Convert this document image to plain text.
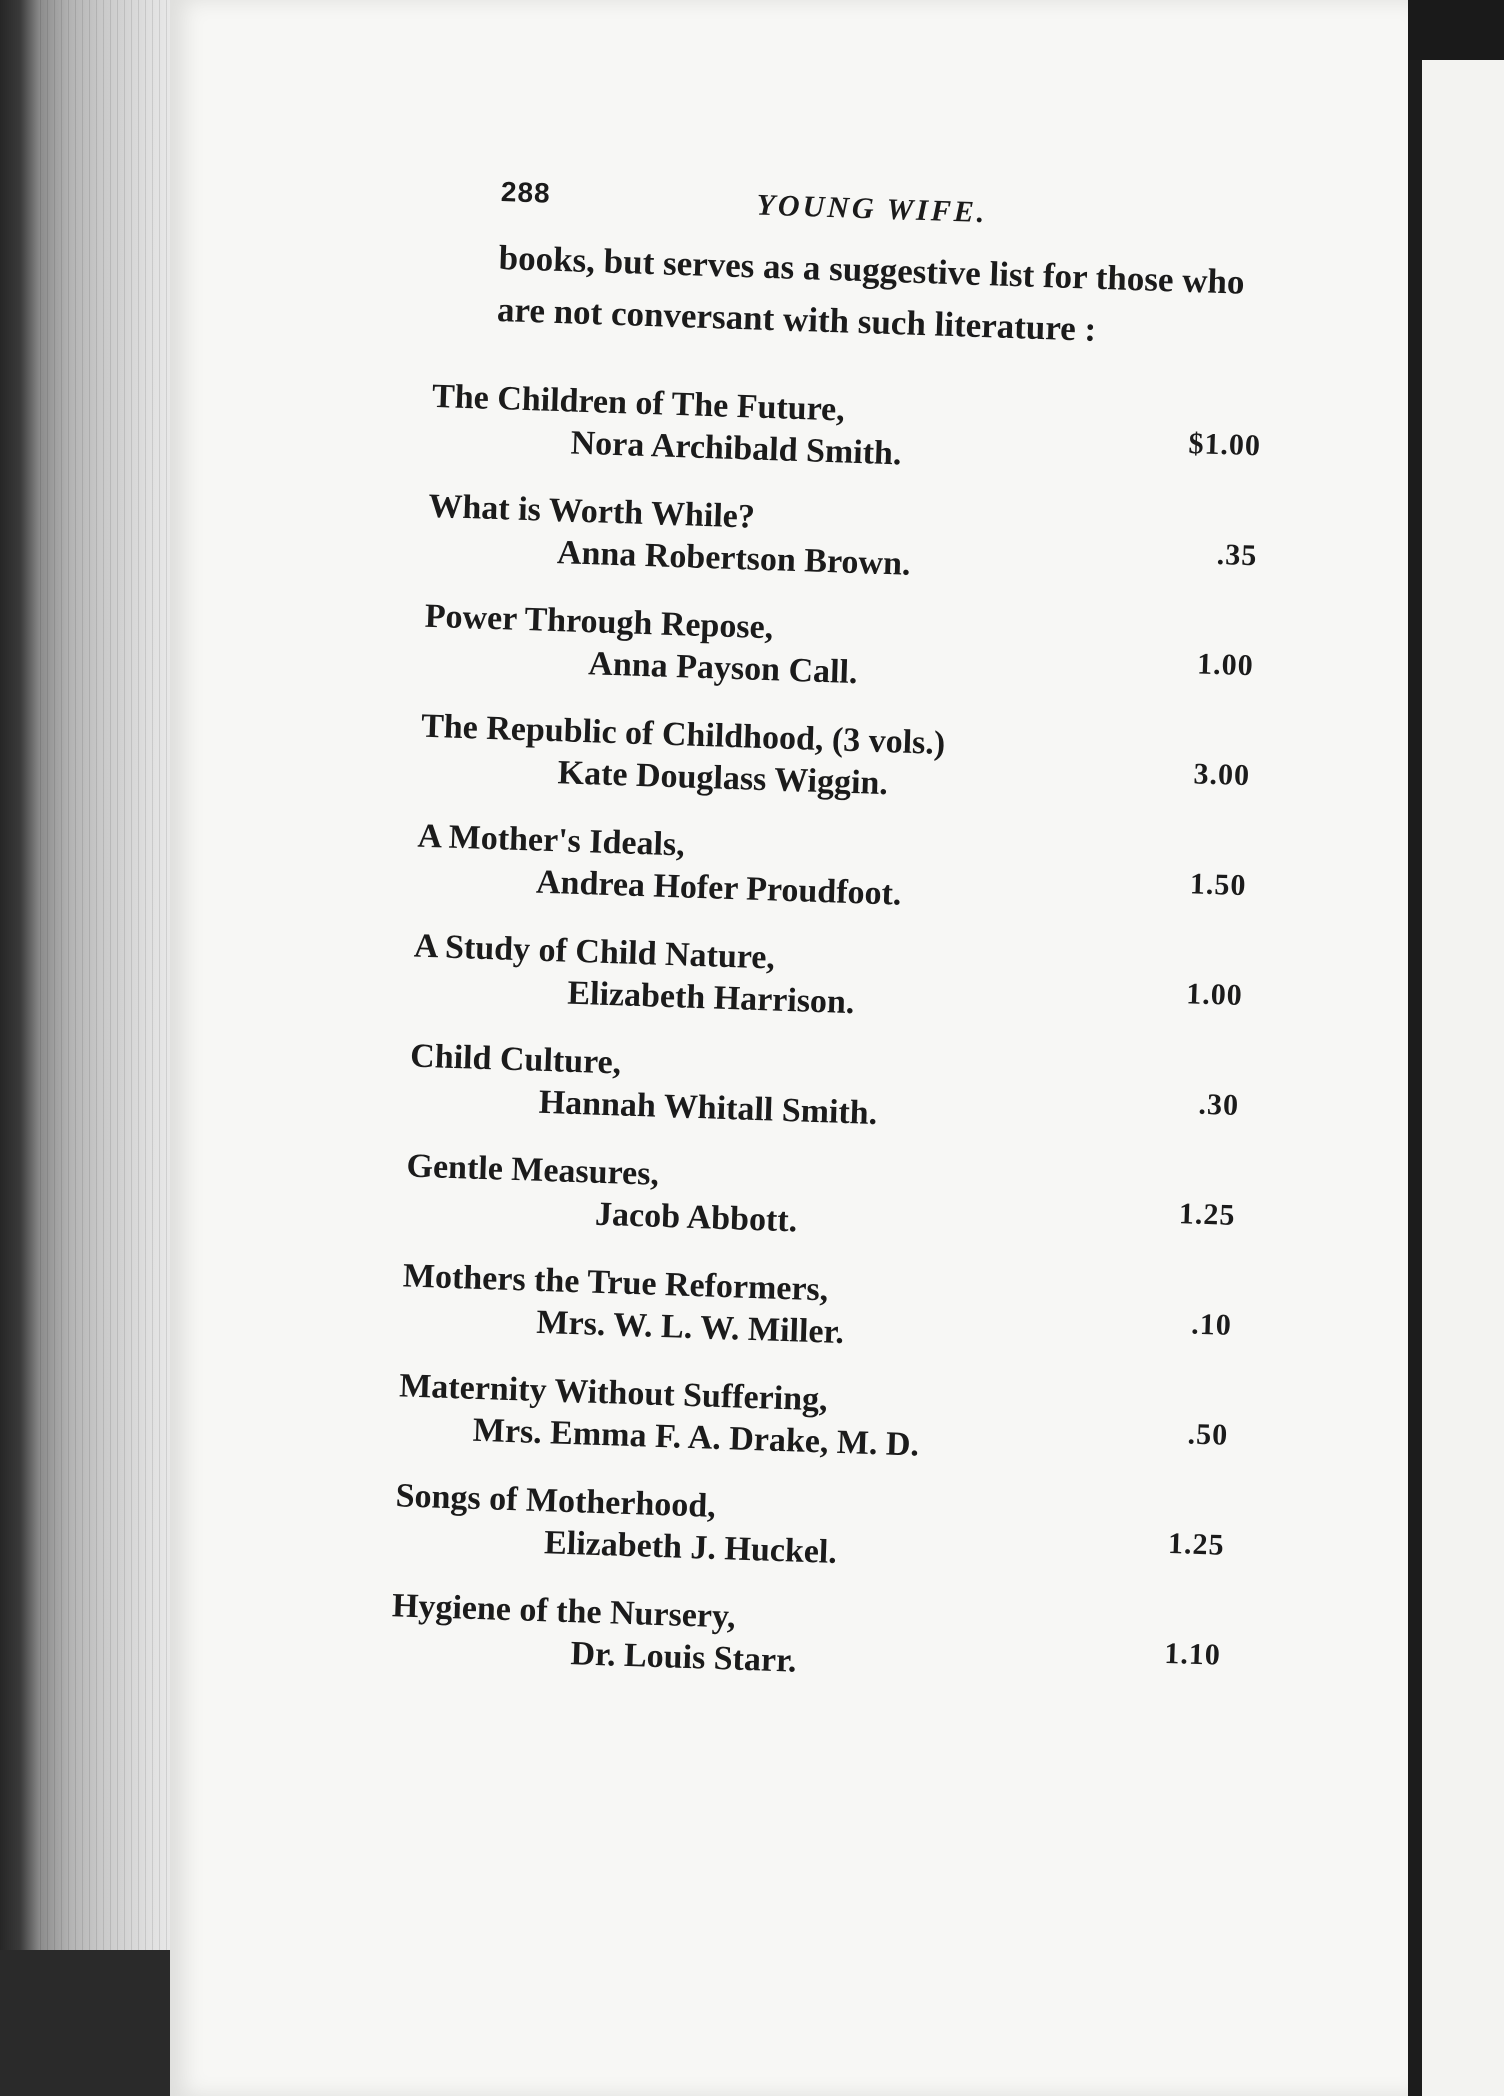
288	YOUNG WIFE.
books, but serves as a suggestive list for those who are not conversant with such literature :
The Children of The Future,
Nora Archibald Smith.	$1.00
What is Worth While?
Anna Robertson Brown.	.35
Power Through Repose,
Anna Payson Call.	1.00
The Republic of Childhood, (3 vols.)
Kate Douglass Wiggin.	3.00
A Mother's Ideals,
Andrea Hofer Proudfoot.	1.50
A Study of Child Nature,
Elizabeth Harrison.	1.00
Child Culture,
Hannah Whitall Smith.	.30
Gentle Measures,
Jacob Abbott.	1.25
Mothers the True Reformers,
Mrs. W. L. W. Miller.	.10
Maternity Without Suffering,
Mrs. Emma F. A. Drake, M. D.	.50
Songs of Motherhood,
Elizabeth J. Huckel.	1.25
Hygiene of the Nursery,
Dr. Louis Starr.	1.10
